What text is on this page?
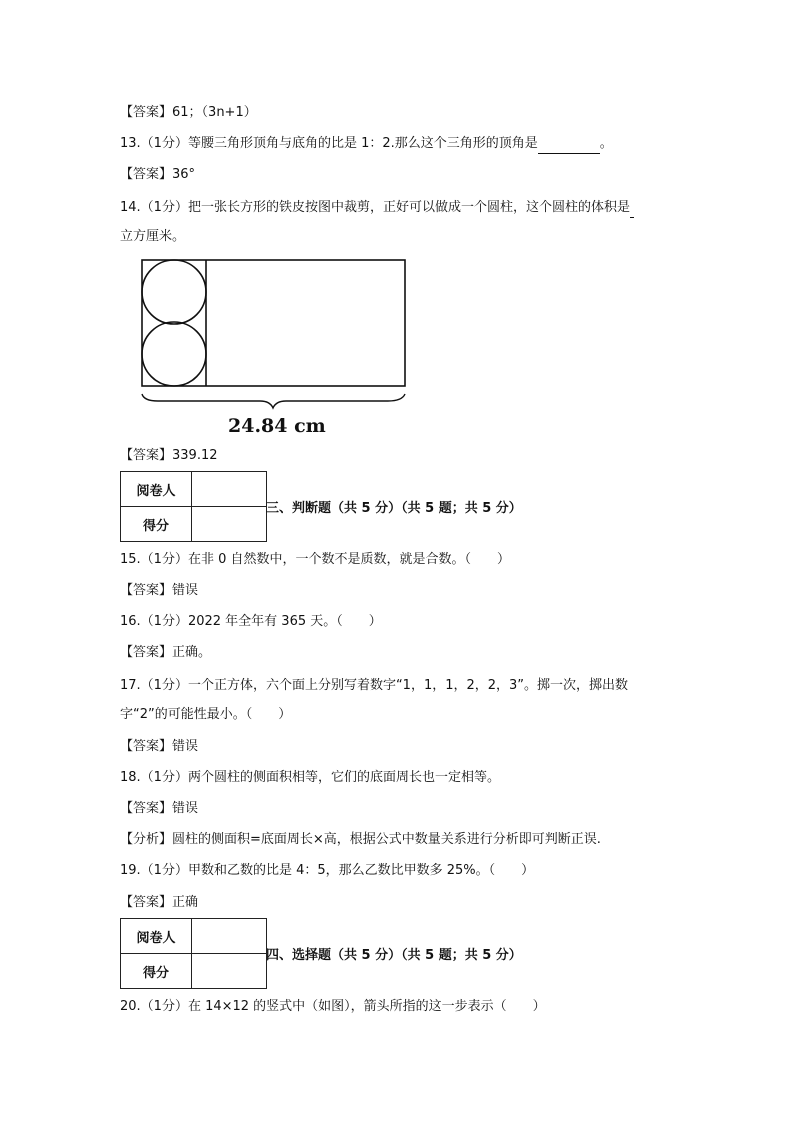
【答案】61；（3n+1）
13.（1分）等腰三角形顶角与底角的比是 1：2.那么这个三角形的顶角是	。
【答案】36°
14.（1分）把一张长方形的铁皮按图中裁剪，正好可以做成一个圆柱，这个圆柱的体积是
立方厘米。
24.84 cm
【答案】339.12
阅卷人	
得分	
三、判断题（共 5 分）（共 5 题；共 5 分）
15.（1分）在非 0 自然数中，一个数不是质数，就是合数。（　　）
【答案】错误
16.（1分）2022 年全年有 365 天。（　　）
【答案】正确。
17.（1分）一个正方体，六个面上分别写着数字“1，1，1，2，2，3”。掷一次，掷出数
字“2”的可能性最小。（　　）
【答案】错误
18.（1分）两个圆柱的侧面积相等，它们的底面周长也一定相等。
【答案】错误
【分析】圆柱的侧面积=底面周长×高，根据公式中数量关系进行分析即可判断正误.
19.（1分）甲数和乙数的比是 4：5，那么乙数比甲数多 25%。（　　）
【答案】正确
阅卷人	
得分	
四、选择题（共 5 分）（共 5 题；共 5 分）
20.（1分）在 14×12 的竖式中（如图），箭头所指的这一步表示（　　）
